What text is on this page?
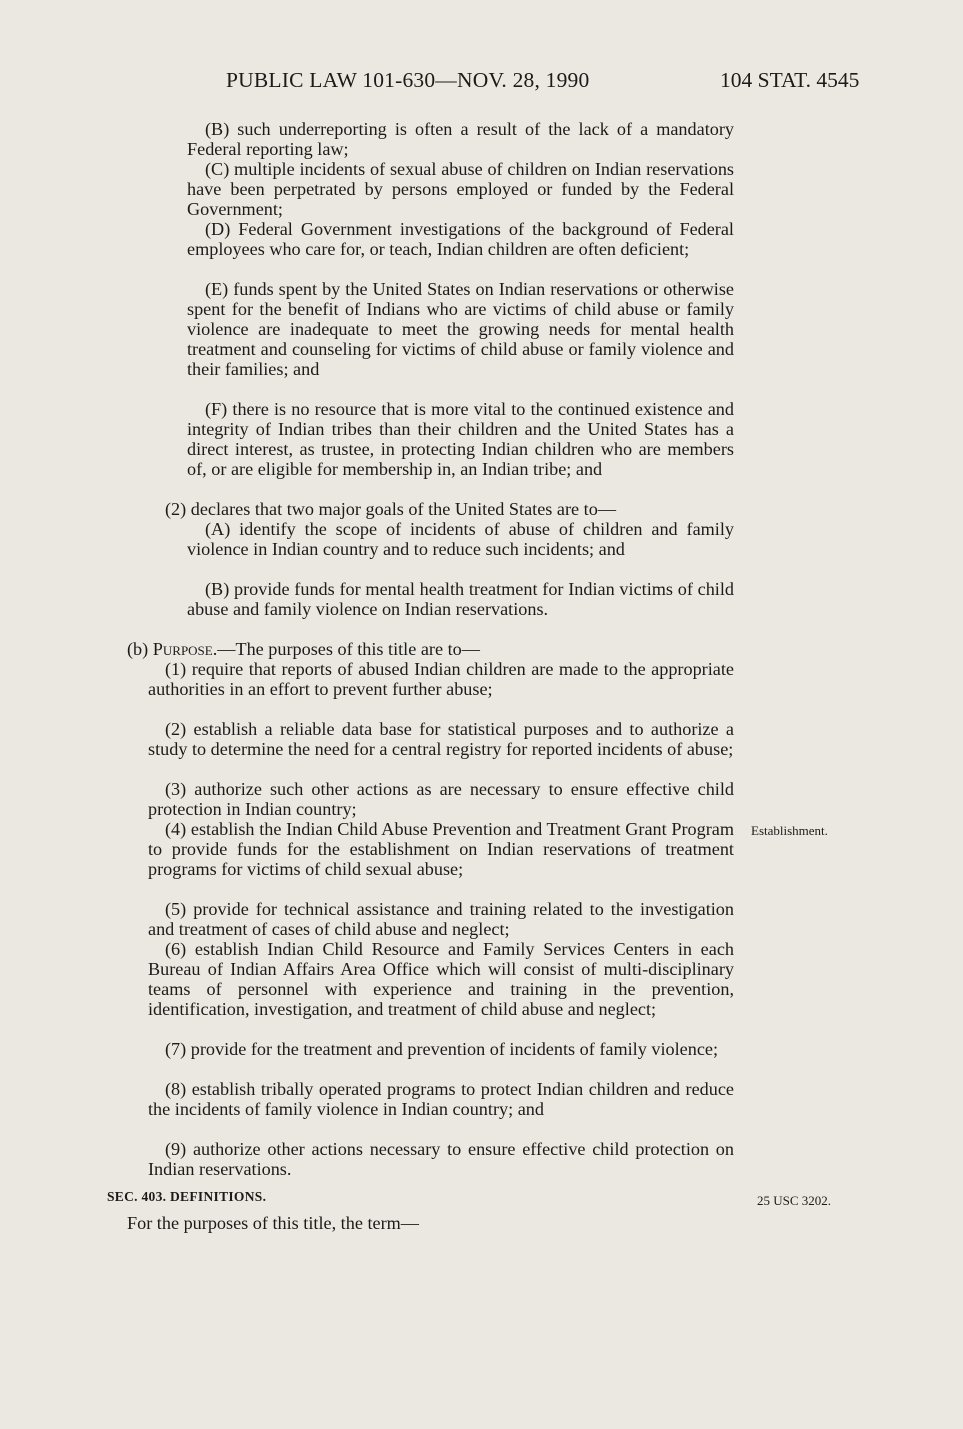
PUBLIC LAW 101-630—NOV. 28, 1990	104 STAT. 4545
(B) such underreporting is often a result of the lack of a mandatory Federal reporting law;
(C) multiple incidents of sexual abuse of children on Indian reservations have been perpetrated by persons employed or funded by the Federal Government;
(D) Federal Government investigations of the background of Federal employees who care for, or teach, Indian children are often deficient;
(E) funds spent by the United States on Indian reservations or otherwise spent for the benefit of Indians who are victims of child abuse or family violence are inadequate to meet the growing needs for mental health treatment and counseling for victims of child abuse or family violence and their families; and
(F) there is no resource that is more vital to the continued existence and integrity of Indian tribes than their children and the United States has a direct interest, as trustee, in protecting Indian children who are members of, or are eligible for membership in, an Indian tribe; and
(2) declares that two major goals of the United States are to—
(A) identify the scope of incidents of abuse of children and family violence in Indian country and to reduce such incidents; and
(B) provide funds for mental health treatment for Indian victims of child abuse and family violence on Indian reservations.
(b) Purpose.—The purposes of this title are to—
(1) require that reports of abused Indian children are made to the appropriate authorities in an effort to prevent further abuse;
(2) establish a reliable data base for statistical purposes and to authorize a study to determine the need for a central registry for reported incidents of abuse;
(3) authorize such other actions as are necessary to ensure effective child protection in Indian country;
(4) establish the Indian Child Abuse Prevention and Treatment Grant Program to provide funds for the establishment on Indian reservations of treatment programs for victims of child sexual abuse;
(5) provide for technical assistance and training related to the investigation and treatment of cases of child abuse and neglect;
(6) establish Indian Child Resource and Family Services Centers in each Bureau of Indian Affairs Area Office which will consist of multi-disciplinary teams of personnel with experience and training in the prevention, identification, investigation, and treatment of child abuse and neglect;
(7) provide for the treatment and prevention of incidents of family violence;
(8) establish tribally operated programs to protect Indian children and reduce the incidents of family violence in Indian country; and
(9) authorize other actions necessary to ensure effective child protection on Indian reservations.
Establishment.
25 USC 3202.
SEC. 403. DEFINITIONS.
For the purposes of this title, the term—
